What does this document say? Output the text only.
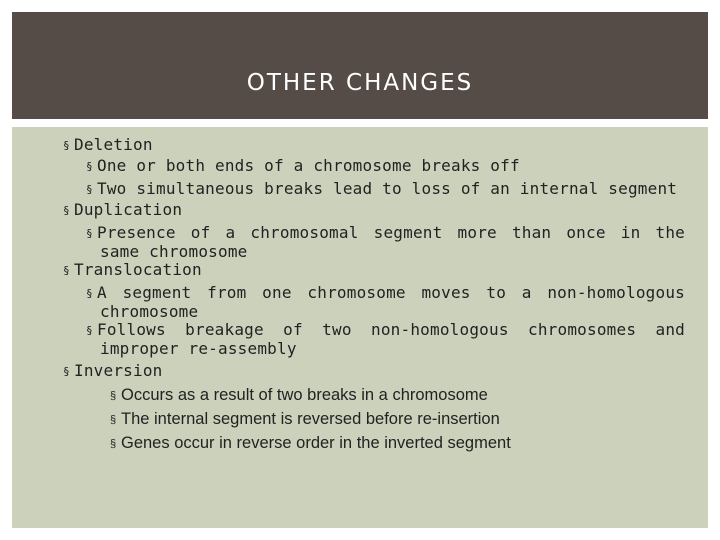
OTHER CHANGES
§ Deletion
§ One or both ends of a chromosome breaks off
§ Two simultaneous breaks lead to loss of an internal segment
§ Duplication
§ Presence of a chromosomal segment more than once in the same chromosome
§ Translocation
§ A segment from one chromosome moves to a non-homologous chromosome
§ Follows breakage of two non-homologous chromosomes and improper re-assembly
§ Inversion
§ Occurs as a result of two breaks in a chromosome
§ The internal segment is reversed before re-insertion
§ Genes occur in reverse order in the inverted segment
